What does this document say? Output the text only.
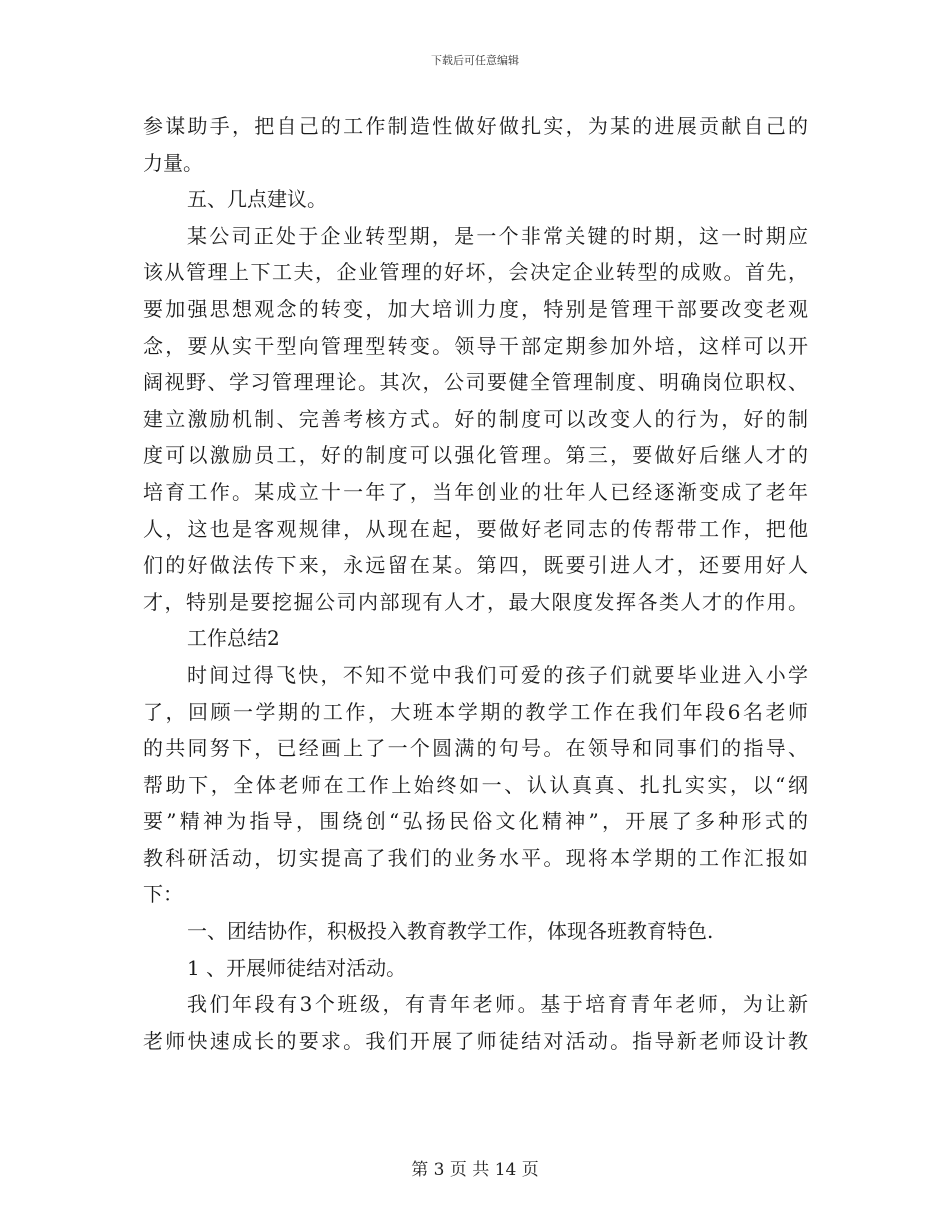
下载后可任意编辑
参谋助手，把自己的工作制造性做好做扎实，为某的进展贡献自己的
力量。
五、几点建议。
某公司正处于企业转型期，是一个非常关键的时期，这一时期应
该从管理上下工夫，企业管理的好坏，会决定企业转型的成败。首先，
要加强思想观念的转变，加大培训力度，特别是管理干部要改变老观
念，要从实干型向管理型转变。领导干部定期参加外培，这样可以开
阔视野、学习管理理论。其次，公司要健全管理制度、明确岗位职权、
建立激励机制、完善考核方式。好的制度可以改变人的行为，好的制
度可以激励员工，好的制度可以强化管理。第三，要做好后继人才的
培育工作。某成立十一年了，当年创业的壮年人已经逐渐变成了老年
人，这也是客观规律，从现在起，要做好老同志的传帮带工作，把他
们的好做法传下来，永远留在某。第四，既要引进人才，还要用好人
才，特别是要挖掘公司内部现有人才，最大限度发挥各类人才的作用。
工作总结2
时间过得飞快，不知不觉中我们可爱的孩子们就要毕业进入小学
了，回顾一学期的工作，大班本学期的教学工作在我们年段6名老师
的共同努下，已经画上了一个圆满的句号。在领导和同事们的指导、
帮助下，全体老师在工作上始终如一、认认真真、扎扎实实，以“纲
要”精神为指导，围绕创“弘扬民俗文化精神”，开展了多种形式的
教科研活动，切实提高了我们的业务水平。现将本学期的工作汇报如
下：
一、团结协作，积极投入教育教学工作，体现各班教育特色.
1 、开展师徒结对活动。
我们年段有3个班级，有青年老师。基于培育青年老师，为让新
老师快速成长的要求。我们开展了师徒结对活动。指导新老师设计教
第 3 页 共 14 页
